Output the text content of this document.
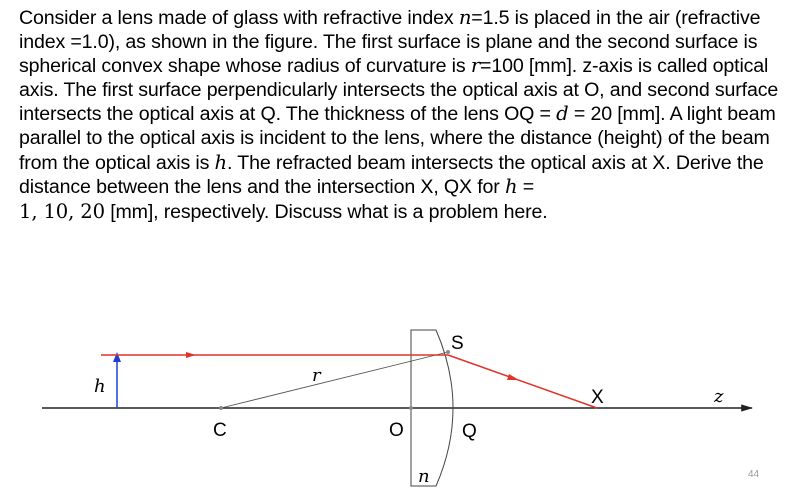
Consider a lens made of glass with refractive index n=1.5 is placed in the air (refractive index =1.0), as shown in the figure. The first surface is plane and the second surface is spherical convex shape whose radius of curvature is r=100 [mm]. z-axis is called optical axis. The first surface perpendicularly intersects the optical axis at O, and second surface intersects the optical axis at Q. The thickness of the lens OQ = d = 20 [mm]. A light beam parallel to the optical axis is incident to the lens, where the distance (height) of the beam from the optical axis is h. The refracted beam intersects the optical axis at X. Derive the distance between the lens and the intersection X, QX for h =
1, 10, 20 [mm], respectively. Discuss what is a problem here.

h
r
C	O	Q
S
X	z
n	44
